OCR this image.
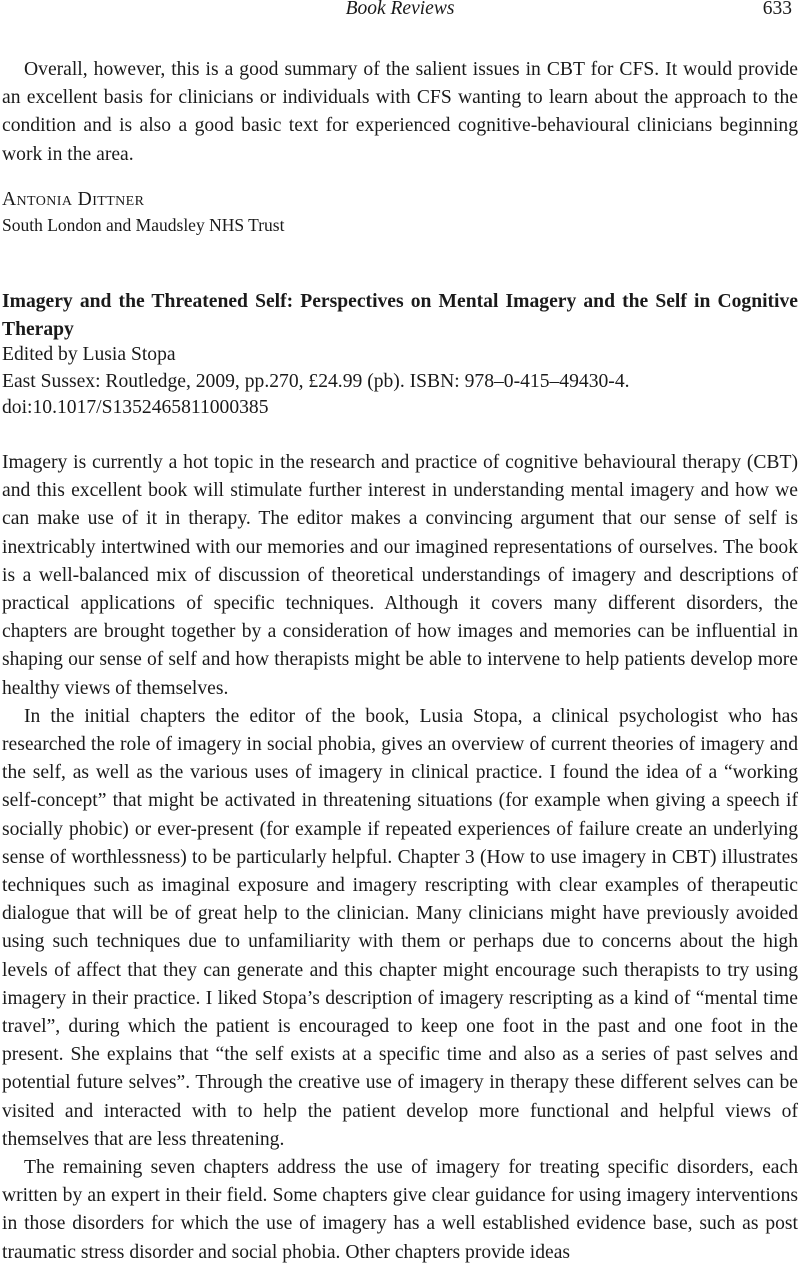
Book Reviews	633

Overall, however, this is a good summary of the salient issues in CBT for CFS. It would provide an excellent basis for clinicians or individuals with CFS wanting to learn about the approach to the condition and is also a good basic text for experienced cognitive-behavioural clinicians beginning work in the area.

Antonia Dittner
South London and Maudsley NHS Trust
Imagery and the Threatened Self: Perspectives on Mental Imagery and the Self in Cognitive Therapy
Edited by Lusia Stopa
East Sussex: Routledge, 2009, pp.270, £24.99 (pb). ISBN: 978–0-415–49430-4.
doi:10.1017/S1352465811000385

Imagery is currently a hot topic in the research and practice of cognitive behavioural therapy (CBT) and this excellent book will stimulate further interest in understanding mental imagery and how we can make use of it in therapy. The editor makes a convincing argument that our sense of self is inextricably intertwined with our memories and our imagined representations of ourselves. The book is a well-balanced mix of discussion of theoretical understandings of imagery and descriptions of practical applications of specific techniques. Although it covers many different disorders, the chapters are brought together by a consideration of how images and memories can be influential in shaping our sense of self and how therapists might be able to intervene to help patients develop more healthy views of themselves.

In the initial chapters the editor of the book, Lusia Stopa, a clinical psychologist who has researched the role of imagery in social phobia, gives an overview of current theories of imagery and the self, as well as the various uses of imagery in clinical practice. I found the idea of a “working self-concept” that might be activated in threatening situations (for example when giving a speech if socially phobic) or ever-present (for example if repeated experiences of failure create an underlying sense of worthlessness) to be particularly helpful. Chapter 3 (How to use imagery in CBT) illustrates techniques such as imaginal exposure and imagery rescripting with clear examples of therapeutic dialogue that will be of great help to the clinician. Many clinicians might have previously avoided using such techniques due to unfamiliarity with them or perhaps due to concerns about the high levels of affect that they can generate and this chapter might encourage such therapists to try using imagery in their practice. I liked Stopa’s description of imagery rescripting as a kind of “mental time travel”, during which the patient is encouraged to keep one foot in the past and one foot in the present. She explains that “the self exists at a specific time and also as a series of past selves and potential future selves”. Through the creative use of imagery in therapy these different selves can be visited and interacted with to help the patient develop more functional and helpful views of themselves that are less threatening.

The remaining seven chapters address the use of imagery for treating specific disorders, each written by an expert in their field. Some chapters give clear guidance for using imagery interventions in those disorders for which the use of imagery has a well established evidence base, such as post traumatic stress disorder and social phobia. Other chapters provide ideas
